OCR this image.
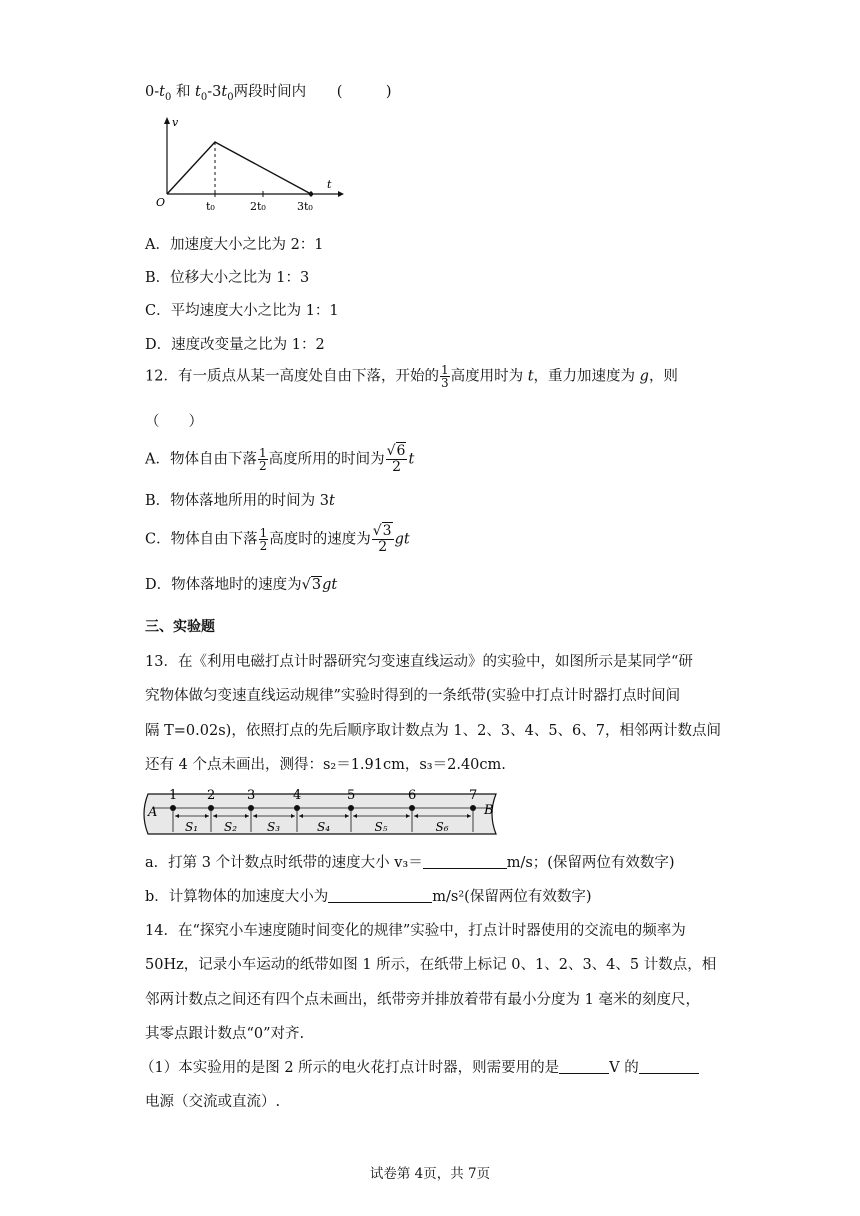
$0-t_0$ 和 $t_0-3t_0$两段时间内 (　　　)
v
t
O	t₀	2t₀	3t₀
A．加速度大小之比为 2：1
B．位移大小之比为 1：3
C．平均速度大小之比为 1：1
D．速度改变量之比为 1：2
12．有一质点从某一高度处自由下落，开始的 $\frac{1}{3}$ 高度用时为 t，重力加速度为 g，则
（　　）
A．物体自由下落 $\frac{1}{2}$ 高度所用的时间为 $\frac{√6}{2}$ t
B．物体落地所用的时间为 3t
C．物体自由下落 $\frac{1}{2}$ 高度时的速度为 $\frac{√3}{2}$ gt
D．物体落地时的速度为√3gt
三、实验题
13．在《利用电磁打点计时器研究匀变速直线运动》的实验中，如图所示是某同学“研
究物体做匀变速直线运动规律”实验时得到的一条纸带(实验中打点计时器打点时间间
隔 T=0.02s)，依照打点的先后顺序取计数点为 1、2、3、4、5、6、7，相邻两计数点间
还有 4 个点未画出，测得：s₂＝1.91cm，s₃＝2.40cm.
A	B
1 2 3	4	5	6	7
S₁ S₂ S₃	S₄	S₅	S₆
a．打第 3 个计数点时纸带的速度大小 v₃＝	m/s；(保留两位有效数字)
b．计算物体的加速度大小为	m/s²(保留两位有效数字)
14．在“探究小车速度随时间变化的规律”实验中，打点计时器使用的交流电的频率为
50Hz，记录小车运动的纸带如图 1 所示，在纸带上标记 0、1、2、3、4、5 计数点，相
邻两计数点之间还有四个点未画出，纸带旁并排放着带有最小分度为 1 毫米的刻度尺，
其零点跟计数点“0”对齐.
（1）本实验用的是图 2 所示的电火花打点计时器，则需要用的是	V 的
电源（交流或直流）.
试卷第 4页，共 7页
